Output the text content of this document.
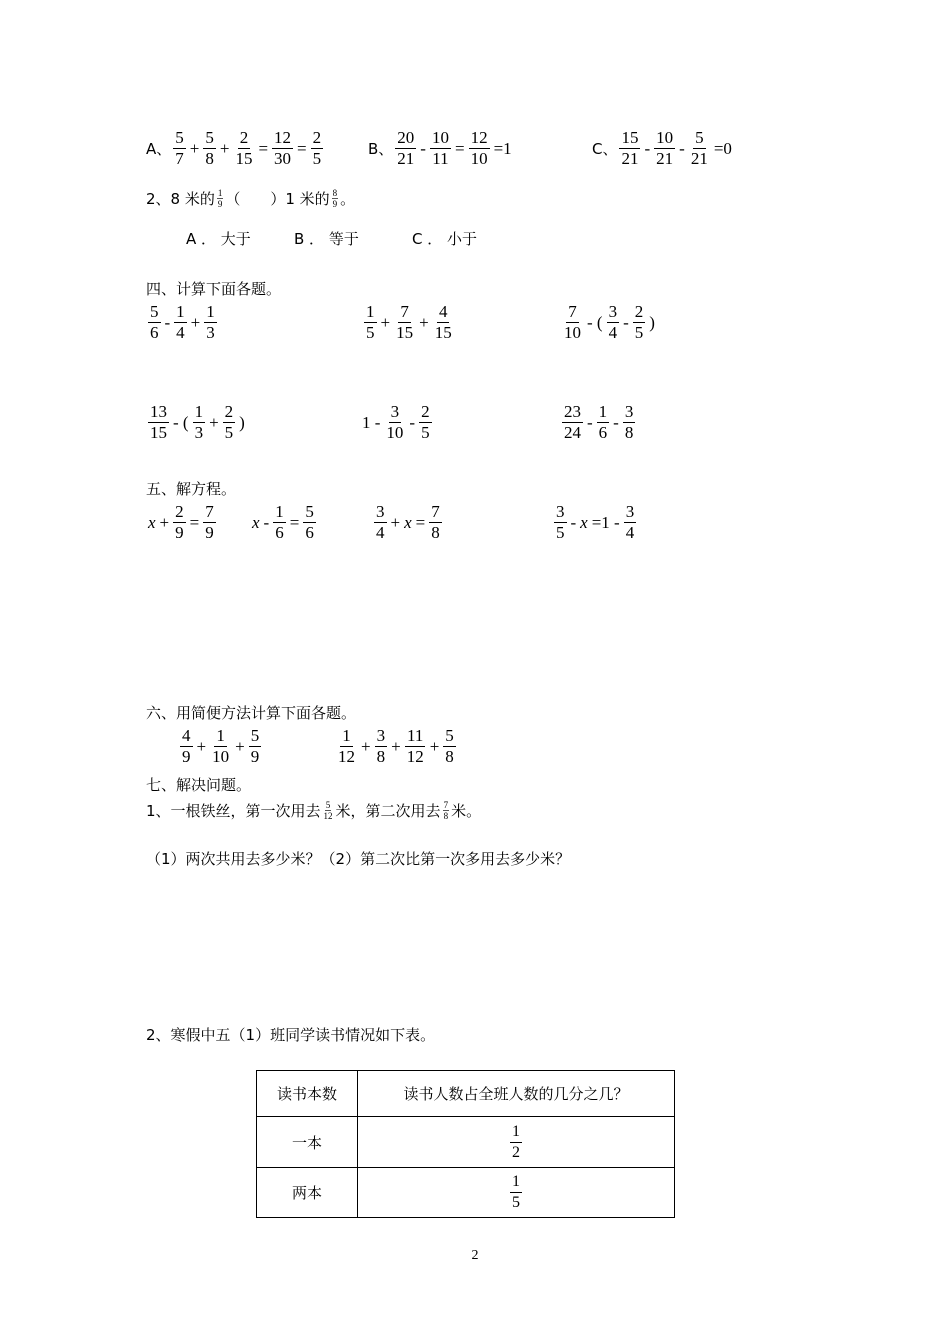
A、 $\frac{5}{7} + \frac{5}{8} + \frac{2}{15} = \frac{12}{30} = \frac{2}{5}$	B、 $\frac{20}{21} - \frac{10}{11} = \frac{12}{10} =1$	C、 $\frac{15}{21} - \frac{10}{21} - \frac{5}{21} =0$
2、8 米的 $\frac{1}{9}$ （　　）1 米的 $\frac{8}{9}$ 。
A ． 大于	B ． 等于	C ． 小于
四、计算下面各题。
$\frac{5}{6} - \frac{1}{4} + \frac{1}{3}$	$\frac{1}{5} + \frac{7}{15} + \frac{4}{15}$	$\frac{7}{10}$ - ( $\frac{3}{4} - \frac{2}{5}$ )
$\frac{13}{15}$ - ( $\frac{1}{3} + \frac{2}{5}$ )	$1 - \frac{3}{10} - \frac{2}{5}$	$\frac{23}{24} - \frac{1}{6} - \frac{3}{8}$
五、解方程。
$x + \frac{2}{9} = \frac{7}{9}$ $x - \frac{1}{6} = \frac{5}{6}$	$\frac{3}{4} + x = \frac{7}{8}$	$\frac{3}{5} - x =1 - \frac{3}{4}$
六、用简便方法计算下面各题。
$\frac{4}{9} + \frac{1}{10} + \frac{5}{9}$	$\frac{1}{12} + \frac{3}{8} + \frac{11}{12} + \frac{5}{8}$
七、解决问题。
1、一根铁丝，第一次用去 $\frac{5}{12}$ 米，第二次用去 $\frac{7}{8}$ 米。
（1）两次共用去多少米？（2）第二次比第一次多用去多少米？
2、寒假中五（1）班同学读书情况如下表。
读书本数	读书人数占全班人数的几分之几？
一本	$\frac{1}{2}$

两本	$\frac{1}{5}$
2
